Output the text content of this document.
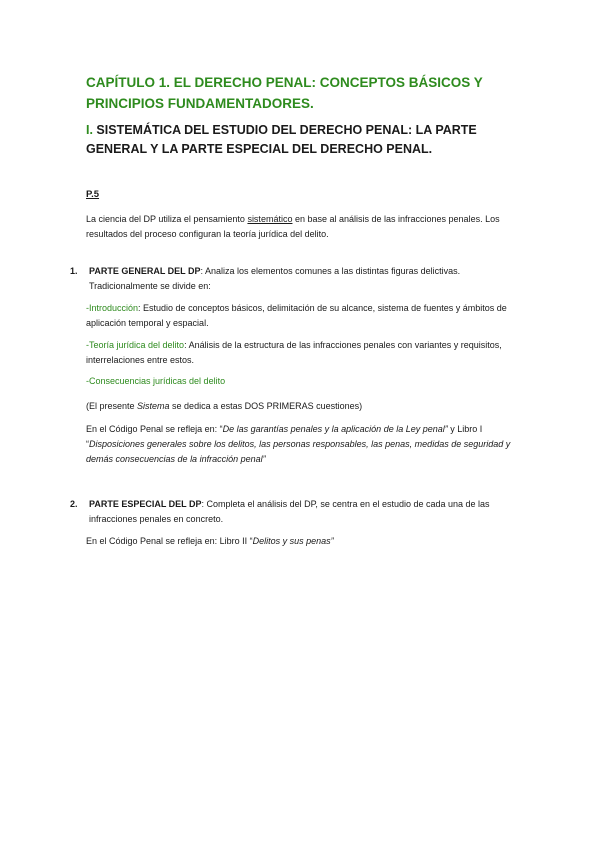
CAPÍTULO 1. EL DERECHO PENAL: CONCEPTOS BÁSICOS Y PRINCIPIOS FUNDAMENTADORES.
I. SISTEMÁTICA DEL ESTUDIO DEL DERECHO PENAL: LA PARTE GENERAL Y LA PARTE ESPECIAL DEL DERECHO PENAL.
P.5
La ciencia del DP utiliza el pensamiento sistemático en base al análisis de las infracciones penales. Los resultados del proceso configuran la teoría jurídica del delito.
1. PARTE GENERAL DEL DP: Analiza los elementos comunes a las distintas figuras delictivas. Tradicionalmente se divide en:
-Introducción: Estudio de conceptos básicos, delimitación de su alcance, sistema de fuentes y ámbitos de aplicación temporal y espacial.
-Teoría jurídica del delito: Análisis de la estructura de las infracciones penales con variantes y requisitos, interrelaciones entre estos.
-Consecuencias jurídicas del delito
(El presente Sistema se dedica a estas DOS PRIMERAS cuestiones)
En el Código Penal se refleja en: “De las garantías penales y la aplicación de la Ley penal” y Libro I “Disposiciones generales sobre los delitos, las personas responsables, las penas, medidas de seguridad y demás consecuencias de la infracción penal”
2. PARTE ESPECIAL DEL DP: Completa el análisis del DP, se centra en el estudio de cada una de las infracciones penales en concreto.
En el Código Penal se refleja en: Libro II “Delitos y sus penas”
